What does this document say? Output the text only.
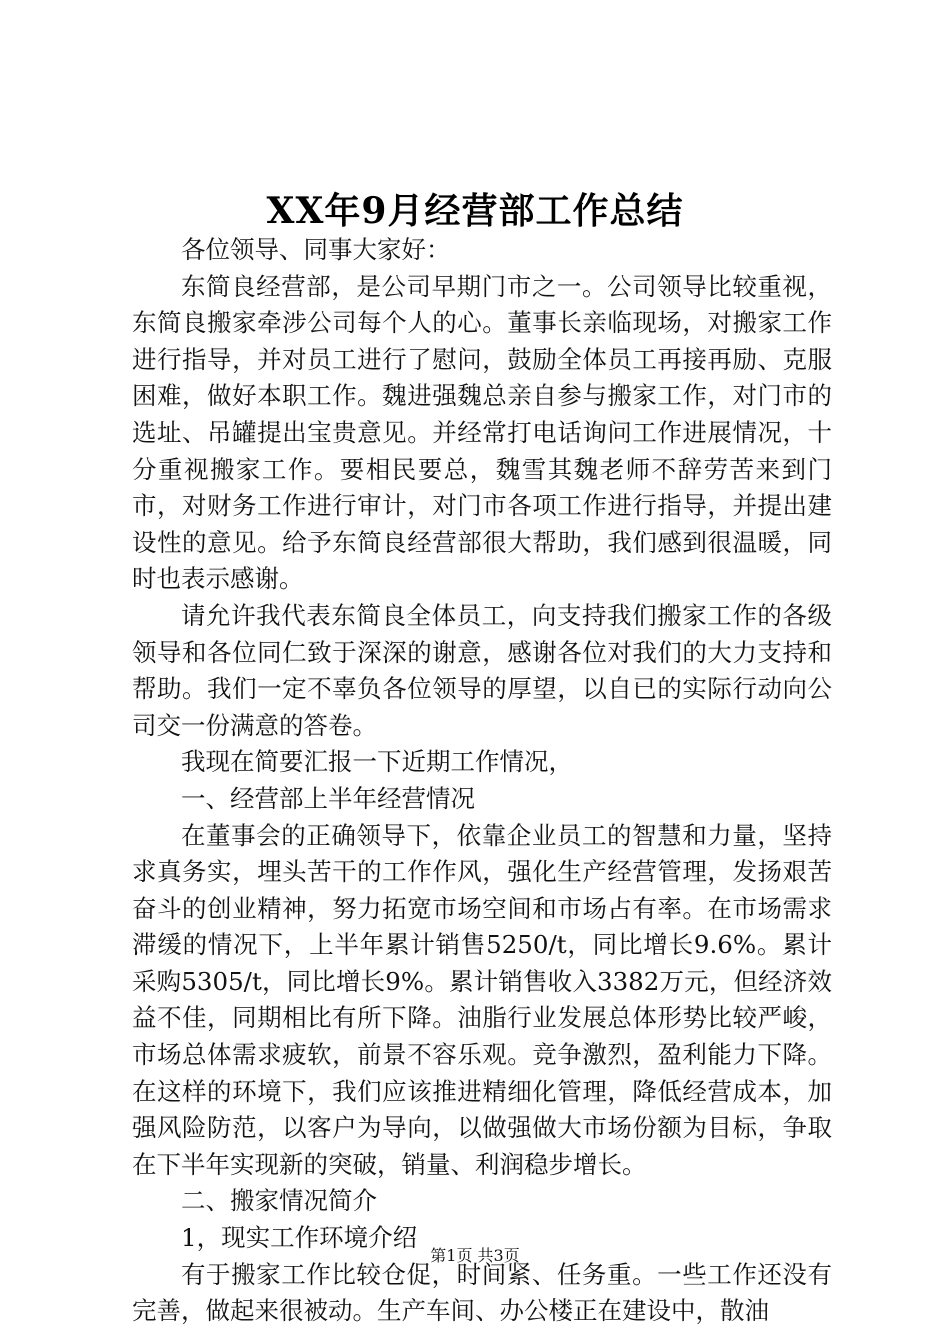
XX年9月经营部工作总结

各位领导、同事大家好：

东简良经营部，是公司早期门市之一。公司领导比较重视，东简良搬家牵涉公司每个人的心。董事长亲临现场，对搬家工作进行指导，并对员工进行了慰问，鼓励全体员工再接再励、克服困难，做好本职工作。魏进强魏总亲自参与搬家工作，对门市的选址、吊罐提出宝贵意见。并经常打电话询问工作进展情况，十分重视搬家工作。要相民要总，魏雪其魏老师不辞劳苦来到门市，对财务工作进行审计，对门市各项工作进行指导，并提出建设性的意见。给予东简良经营部很大帮助，我们感到很温暖，同时也表示感谢。

请允许我代表东简良全体员工，向支持我们搬家工作的各级领导和各位同仁致于深深的谢意，感谢各位对我们的大力支持和帮助。我们一定不辜负各位领导的厚望，以自已的实际行动向公司交一份满意的答卷。

我现在简要汇报一下近期工作情况，

一、经营部上半年经营情况

在董事会的正确领导下，依靠企业员工的智慧和力量，坚持求真务实，埋头苦干的工作作风，强化生产经营管理，发扬艰苦奋斗的创业精神，努力拓宽市场空间和市场占有率。在市场需求滞缓的情况下，上半年累计销售5250/t，同比增长9.6%。累计采购5305/t，同比增长9%。累计销售收入3382万元，但经济效益不佳，同期相比有所下降。油脂行业发展总体形势比较严峻，市场总体需求疲软，前景不容乐观。竞争激烈，盈利能力下降。在这样的环境下，我们应该推进精细化管理，降低经营成本，加强风险防范，以客户为导向，以做强做大市场份额为目标，争取在下半年实现新的突破，销量、利润稳步增长。

二、搬家情况简介

1，现实工作环境介绍

有于搬家工作比较仓促，时间紧、任务重。一些工作还没有完善，做起来很被动。生产车间、办公楼正在建设中，散油

第1页 共3页
